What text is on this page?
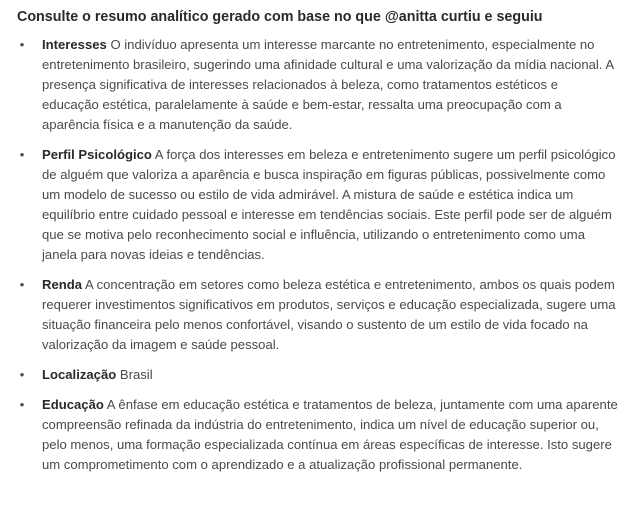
Consulte o resumo analítico gerado com base no que @anitta curtiu e seguiu
• Interesses O indivíduo apresenta um interesse marcante no entretenimento, especialmente no entretenimento brasileiro, sugerindo uma afinidade cultural e uma valorização da mídia nacional. A presença significativa de interesses relacionados à beleza, como tratamentos estéticos e educação estética, paralelamente à saúde e bem-estar, ressalta uma preocupação com a aparência física e a manutenção da saúde.
• Perfil Psicológico A força dos interesses em beleza e entretenimento sugere um perfil psicológico de alguém que valoriza a aparência e busca inspiração em figuras públicas, possivelmente como um modelo de sucesso ou estilo de vida admirável. A mistura de saúde e estética indica um equilíbrio entre cuidado pessoal e interesse em tendências sociais. Este perfil pode ser de alguém que se motiva pelo reconhecimento social e influência, utilizando o entretenimento como uma janela para novas ideias e tendências.
• Renda A concentração em setores como beleza estética e entretenimento, ambos os quais podem requerer investimentos significativos em produtos, serviços e educação especializada, sugere uma situação financeira pelo menos confortável, visando o sustento de um estilo de vida focado na valorização da imagem e saúde pessoal.
• Localização Brasil
• Educação A ênfase em educação estética e tratamentos de beleza, juntamente com uma aparente compreensão refinada da indústria do entretenimento, indica um nível de educação superior ou, pelo menos, uma formação especializada contínua em áreas específicas de interesse. Isto sugere um comprometimento com o aprendizado e a atualização profissional permanente.
